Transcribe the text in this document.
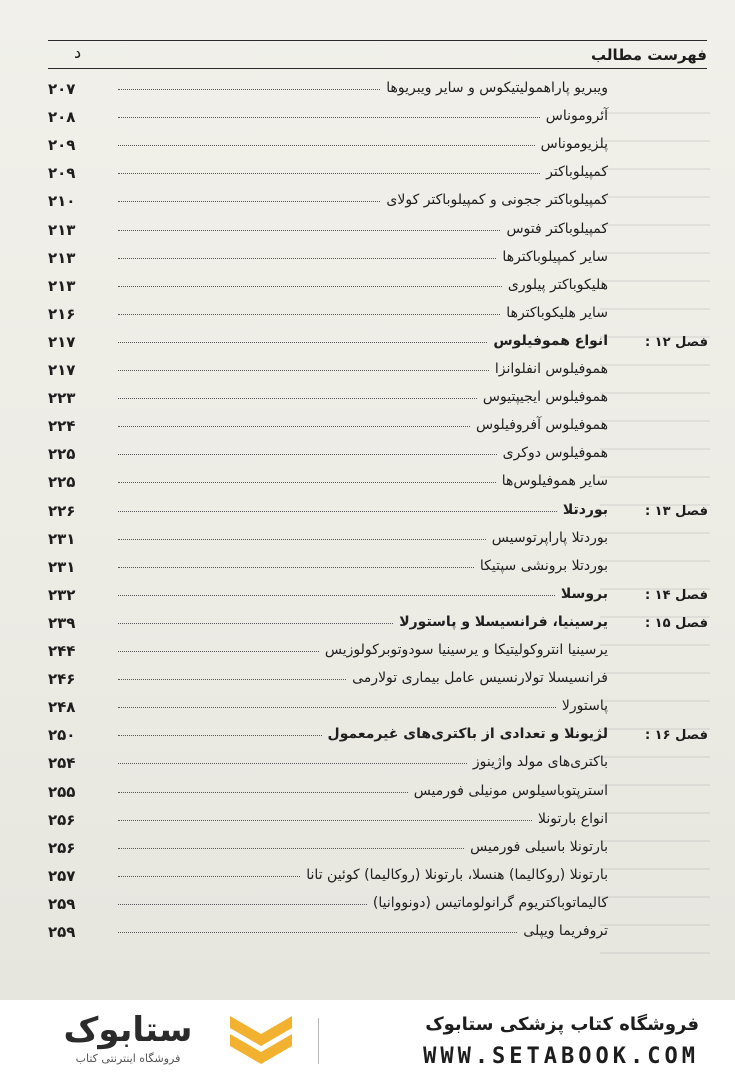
فهرست مطالب
د
ویبریو پاراهمولیتیکوس و سایر ویبریوها
۲۰۷
آئروموناس
۲۰۸
پلزیوموناس
۲۰۹
کمپیلوباکتر
۲۰۹
کمپیلوباکتر ججونی و کمپیلوباکتر کولای
۲۱۰
کمپیلوباکتر فتوس
۲۱۳
سایر کمپیلوباکترها
۲۱۳
هلیکوباکتر پیلوری
۲۱۳
سایر هلیکوباکترها
۲۱۶
فصل ۱۲ :
انواع هموفیلوس
۲۱۷
هموفیلوس انفلوانزا
۲۱۷
هموفیلوس ایجیپتیوس
۲۲۳
هموفیلوس آفروفیلوس
۲۲۴
هموفیلوس دوکری
۲۲۵
سایر هموفیلوس‌ها
۲۲۵
فصل ۱۳ :
بوردتلا
۲۲۶
بوردتلا پاراپرتوسیس
۲۳۱
بوردتلا برونشی سپتیکا
۲۳۱
فصل ۱۴ :
بروسلا
۲۳۲
فصل ۱۵ :
یرسینیا، فرانسیسلا و پاستورلا
۲۳۹
یرسینیا انتروکولیتیکا و یرسینیا سودوتوبرکولوزیس
۲۴۴
فرانسیسلا تولارنسیس عامل بیماری تولارمی
۲۴۶
پاستورلا
۲۴۸
فصل ۱۶ :
لژیونلا و تعدادی از باکتری‌های غیرمعمول
۲۵۰
باکتری‌های مولد واژینوز
۲۵۴
استرپتوباسیلوس مونیلی فورمیس
۲۵۵
انواع بارتونلا
۲۵۶
بارتونلا باسیلی فورمیس
۲۵۶
بارتونلا (روکالیما) هنسلا، بارتونلا (روکالیما) کوئین تانا
۲۵۷
کالیماتوباکتریوم گرانولوماتیس (دونووانیا)
۲۵۹
تروفریما ویپلی
۲۵۹
فروشگاه کتاب پزشکی ستابوک
WWW.SETABOOK.COM
ستابوک
فروشگاه اینترنتی کتاب
